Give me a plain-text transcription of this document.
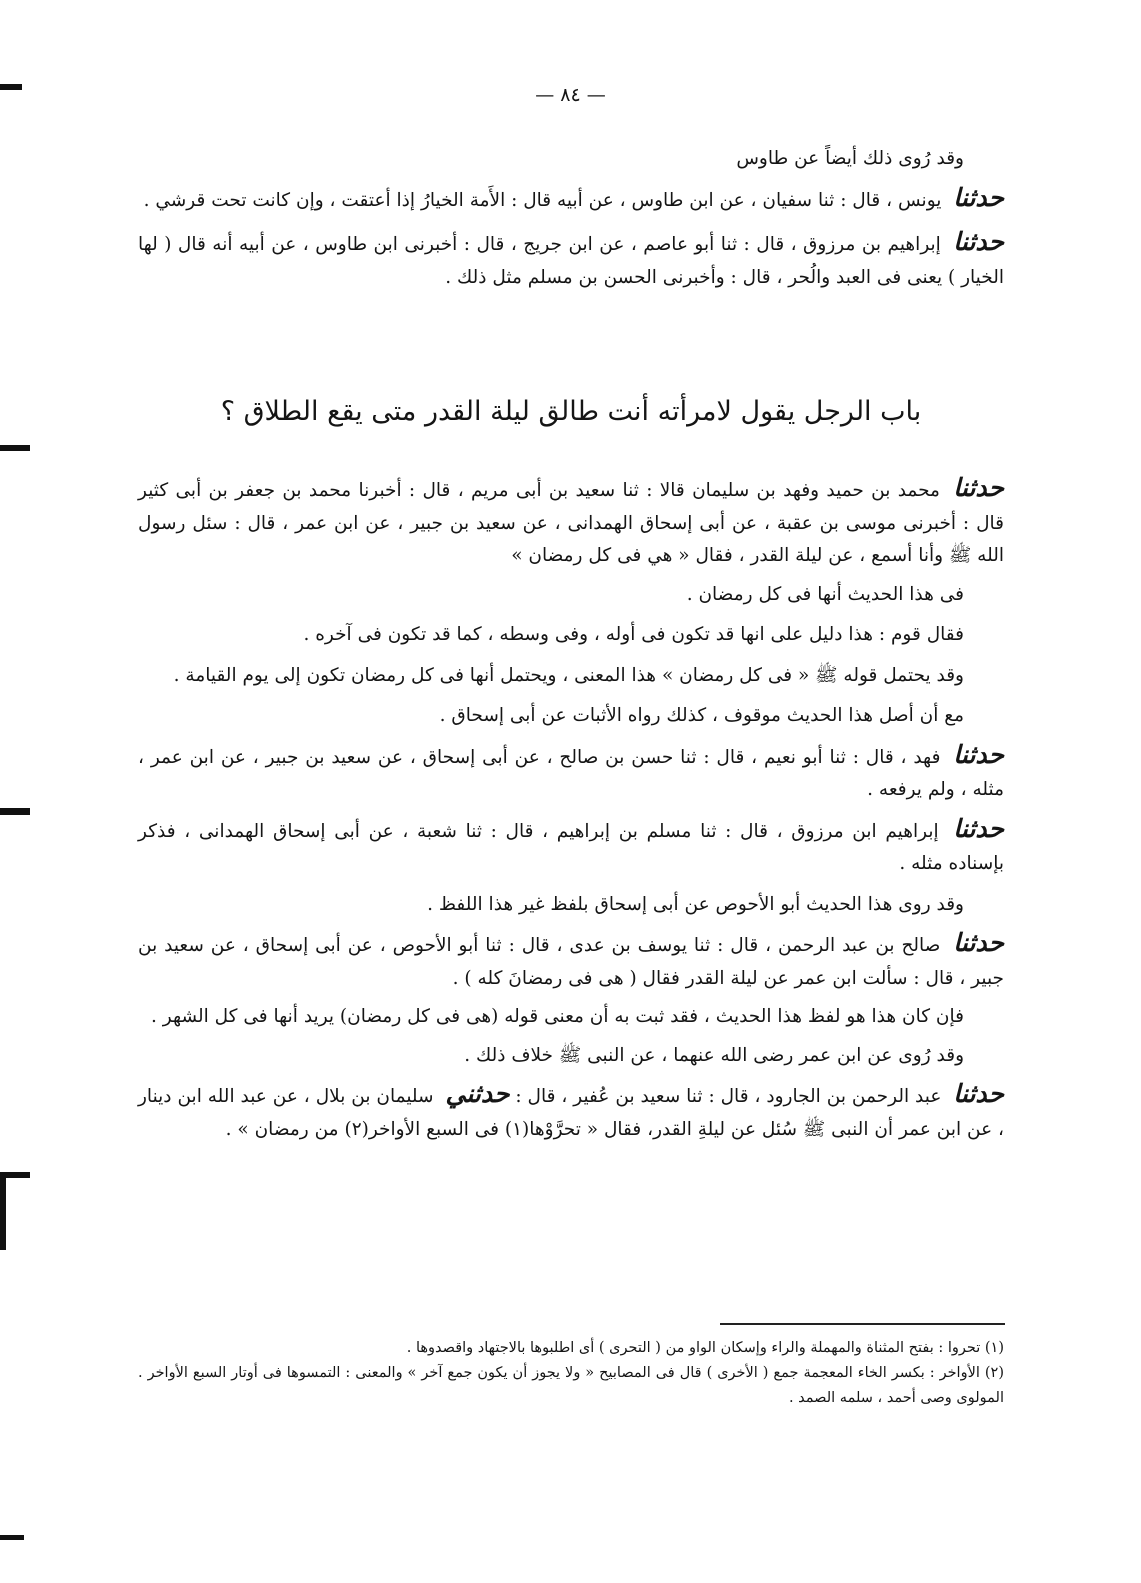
— ٨٤ —

وقد رُوى ذلك أيضاً عن طاوس

حدثنا يونس ، قال : ثنا سفيان ، عن ابن طاوس ، عن أبيه قال : الأَمة الخيارُ إذا أعتقت ، وإن كانت تحت قرشي .

حدثنا إبراهيم بن مرزوق ، قال : ثنا أبو عاصم ، عن ابن جريج ، قال : أخبرنى ابن طاوس ، عن أبيه أنه قال ( لها الخيار ) يعنى فى العبد والُحر ، قال : وأخبرنى الحسن بن مسلم مثل ذلك .

باب الرجل يقول لامرأته أنت طالق ليلة القدر متى يقع الطلاق ؟

حدثنا محمد بن حميد وفهد بن سليمان قالا : ثنا سعيد بن أبى مريم ، قال : أخبرنا محمد بن جعفر بن أبى كثير قال : أخبرنى موسى بن عقبة ، عن أبى إسحاق الهمدانى ، عن سعيد بن جبير ، عن ابن عمر ، قال : سئل رسول الله ﷺ وأنا أسمع ، عن ليلة القدر ، فقال « هي فى كل رمضان »

فى هذا الحديث أنها فى كل رمضان .

فقال قوم : هذا دليل على انها قد تكون فى أوله ، وفى وسطه ، كما قد تكون فى آخره .

وقد يحتمل قوله ﷺ « فى كل رمضان » هذا المعنى ، ويحتمل أنها فى كل رمضان تكون إلى يوم القيامة .

مع أن أصل هذا الحديث موقوف ، كذلك رواه الأثبات عن أبى إسحاق .

حدثنا فهد ، قال : ثنا أبو نعيم ، قال : ثنا حسن بن صالح ، عن أبى إسحاق ، عن سعيد بن جبير ، عن ابن عمر ، مثله ، ولم يرفعه .

حدثنا إبراهيم ابن مرزوق ، قال : ثنا مسلم بن إبراهيم ، قال : ثنا شعبة ، عن أبى إسحاق الهمدانى ، فذكر بإسناده مثله .

وقد روى هذا الحديث أبو الأحوص عن أبى إسحاق بلفظ غير هذا اللفظ .

حدثنا صالح بن عبد الرحمن ، قال : ثنا يوسف بن عدى ، قال : ثنا أبو الأحوص ، عن أبى إسحاق ، عن سعيد بن جبير ، قال : سألت ابن عمر عن ليلة القدر فقال ( هى فى رمضانَ كله ) .

فإن كان هذا هو لفظ هذا الحديث ، فقد ثبت به أن معنى قوله (هى فى كل رمضان) يريد أنها فى كل الشهر .

وقد رُوى عن ابن عمر رضى الله عنهما ، عن النبى ﷺ خلاف ذلك .

حدثنا عبد الرحمن بن الجارود ، قال : ثنا سعيد بن عُفير ، قال : حدثني سليمان بن بلال ، عن عبد الله ابن دينار ، عن ابن عمر أن النبى ﷺ سُئل عن ليلةِ القدر، فقال « تحرَّوْها(١) فى السبع الأواخر(٢) من رمضان » .

(١) تحروا : بفتح المثناة والمهملة والراء وإسكان الواو من ( التحرى ) أى اطلبوها بالاجتهاد واقصدوها .

(٢) الأواخر : بكسر الخاء المعجمة جمع ( الأخرى ) قال فى المصابيح « ولا يجوز أن يكون جمع آخر » والمعنى : التمسوها فى أوتار السبع الأواخر . المولوى وصى أحمد ، سلمه الصمد .
